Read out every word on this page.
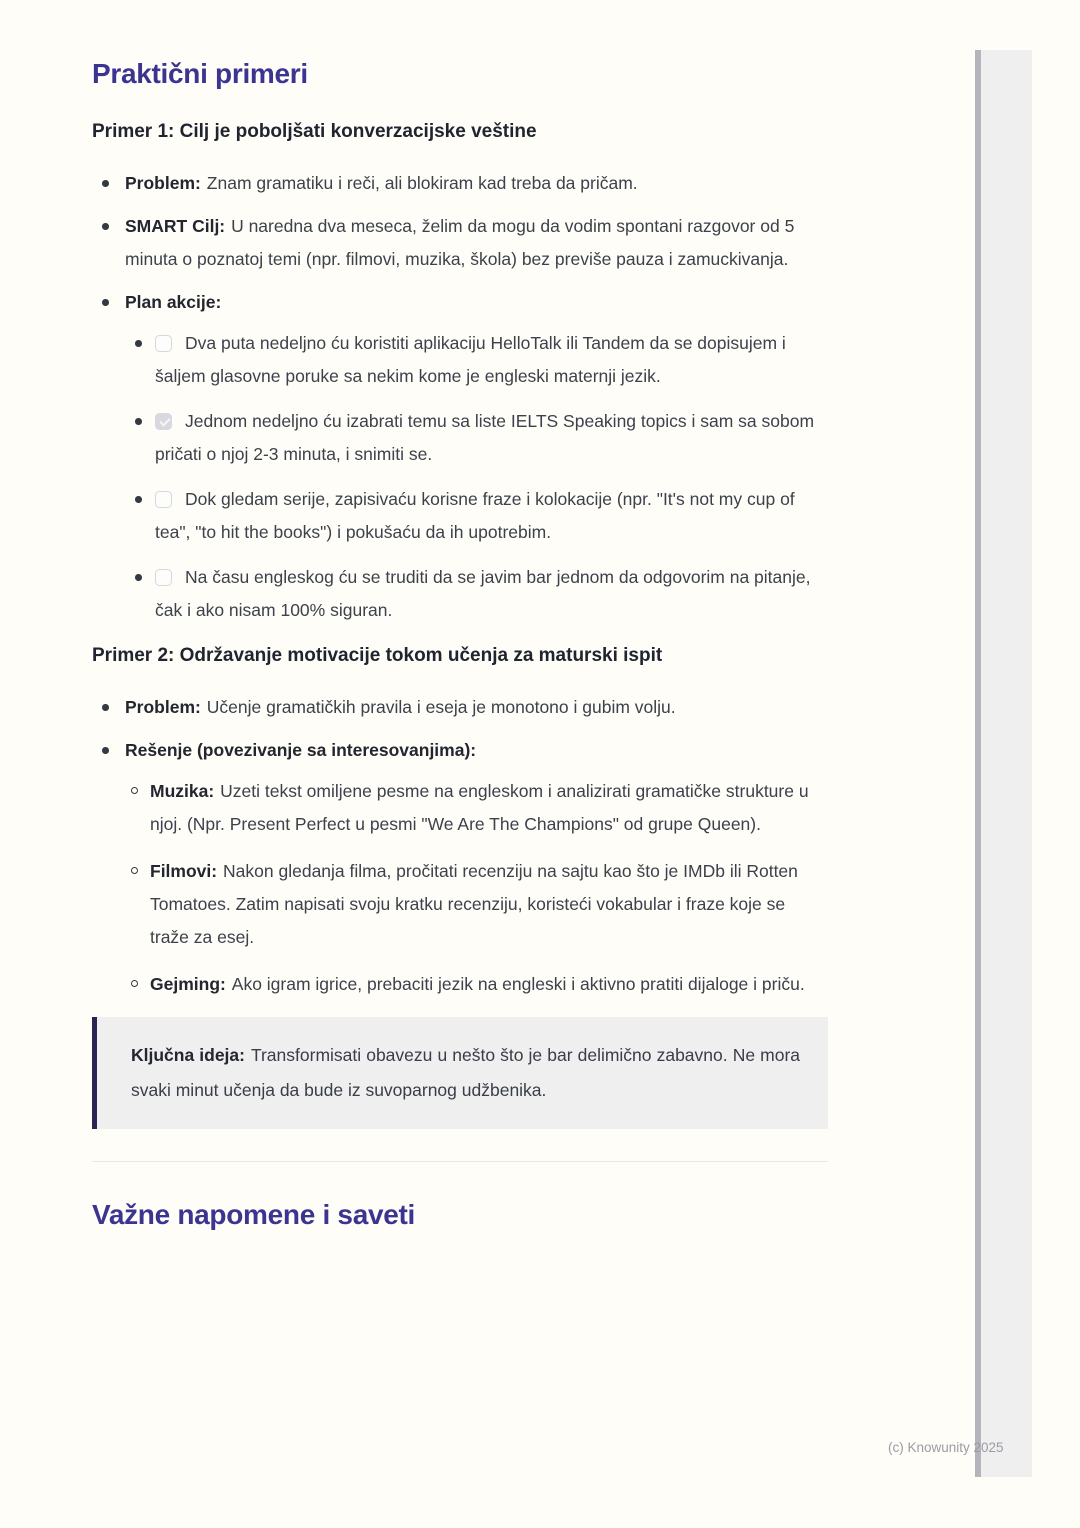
Praktični primeri
Primer 1: Cilj je poboljšati konverzacijske veštine
Problem: Znam gramatiku i reči, ali blokiram kad treba da pričam.
SMART Cilj: U naredna dva meseca, želim da mogu da vodim spontani razgovor od 5 minuta o poznatoj temi (npr. filmovi, muzika, škola) bez previše pauza i zamuckivanja.
Plan akcije:
Dva puta nedeljno ću koristiti aplikaciju HelloTalk ili Tandem da se dopisujem i šaljem glasovne poruke sa nekim kome je engleski maternji jezik.
Jednom nedeljno ću izabrati temu sa liste IELTS Speaking topics i sam sa sobom pričati o njoj 2-3 minuta, i snimiti se.
Dok gledam serije, zapisivaću korisne fraze i kolokacije (npr. "It's not my cup of tea", "to hit the books") i pokušaću da ih upotrebim.
Na času engleskog ću se truditi da se javim bar jednom da odgovorim na pitanje, čak i ako nisam 100% siguran.
Primer 2: Održavanje motivacije tokom učenja za maturski ispit
Problem: Učenje gramatičkih pravila i eseja je monotono i gubim volju.
Rešenje (povezivanje sa interesovanjima):
Muzika: Uzeti tekst omiljene pesme na engleskom i analizirati gramatičke strukture u njoj. (Npr. Present Perfect u pesmi "We Are The Champions" od grupe Queen).
Filmovi: Nakon gledanja filma, pročitati recenziju na sajtu kao što je IMDb ili Rotten Tomatoes. Zatim napisati svoju kratku recenziju, koristeći vokabular i fraze koje se traže za esej.
Gejming: Ako igram igrice, prebaciti jezik na engleski i aktivno pratiti dijaloge i priču.
Ključna ideja: Transformisati obavezu u nešto što je bar delimično zabavno. Ne mora svaki minut učenja da bude iz suvoparnog udžbenika.
Važne napomene i saveti
(c) Knowunity 2025
